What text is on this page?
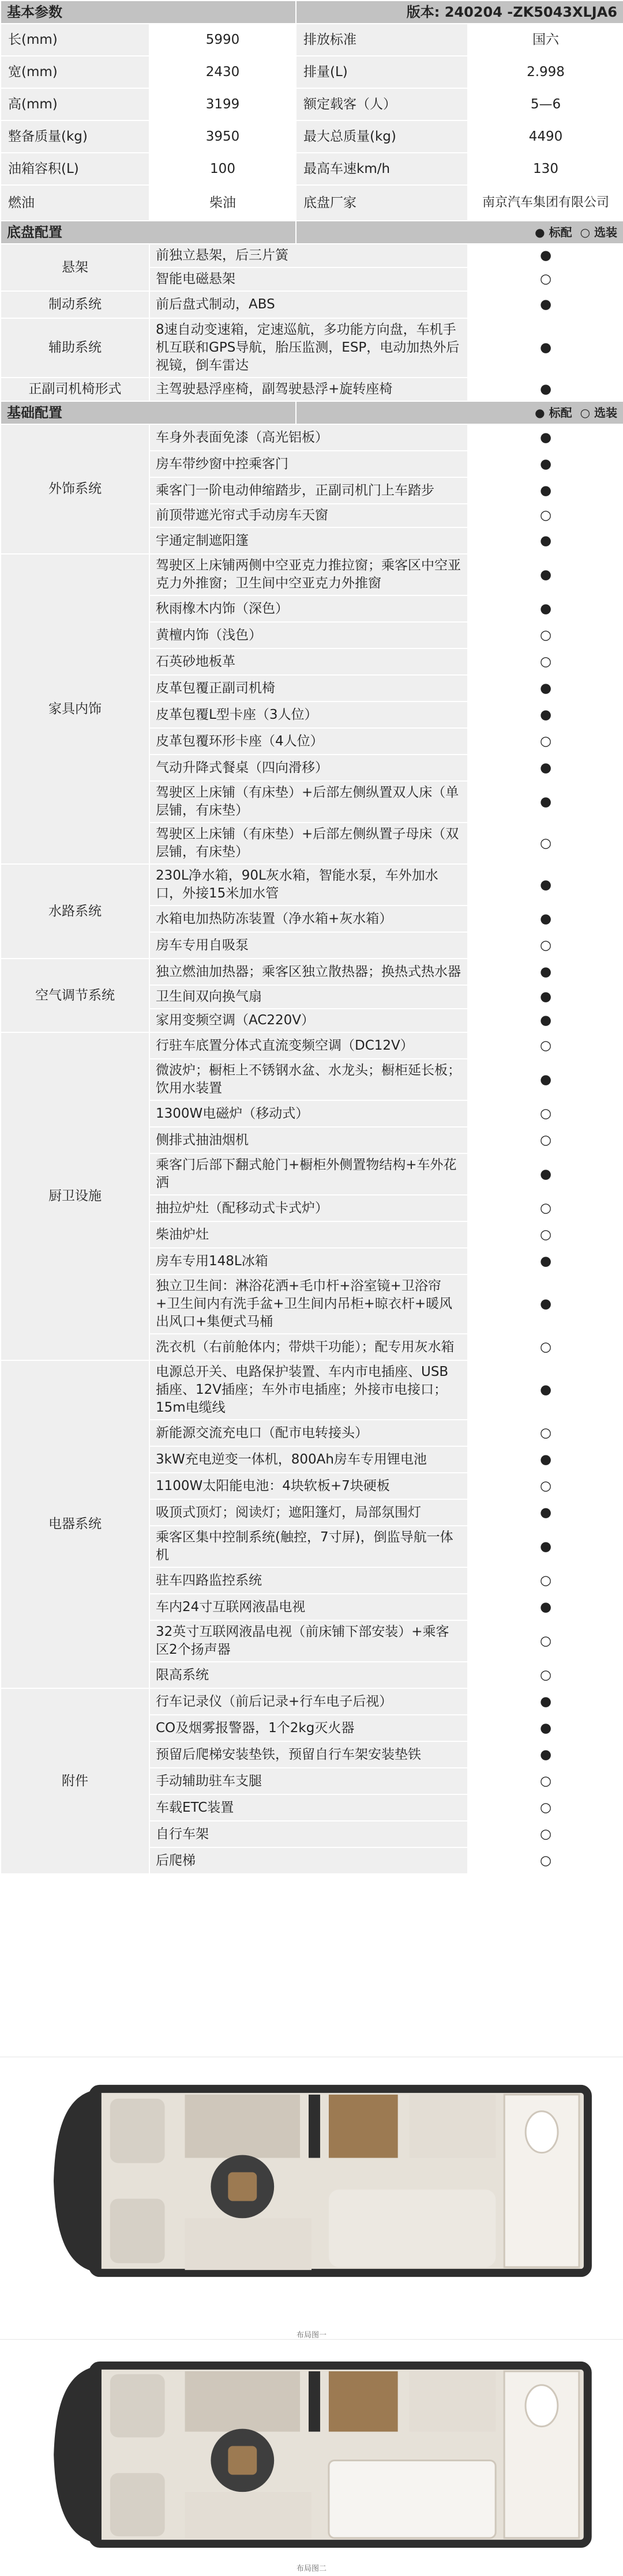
基本参数		版本: 240204 -ZK5043XLJA6	
长(mm)	5990	排放标准	国六
宽(mm)	2430	排量(L)	2.998
高(mm)	3199	额定载客（人）	5—6
整备质量(kg)	3950	最大总质量(kg)	4490
油箱容积(L)	100	最高车速km/h	130
燃油	柴油	底盘厂家	南京汽车集团有限公司
底盘配置		● 标配 ○ 选装	
悬架	前独立悬架，后三片簧		●
	智能电磁悬架		○
制动系统	前后盘式制动，ABS		●
辅助系统	8速自动变速箱，定速巡航，多功能方向盘，车机手机互联和GPS导航，胎压监测，ESP，电动加热外后视镜，倒车雷达		●
正副司机椅形式	主驾驶悬浮座椅，副驾驶悬浮+旋转座椅		●
基础配置		● 标配 ○ 选装	
外饰系统	车身外表面免漆（高光铝板）		●
	房车带纱窗中控乘客门		●
	乘客门一阶电动伸缩踏步，正副司机门上车踏步		●
	前顶带遮光帘式手动房车天窗		○
	宇通定制遮阳篷		●
家具内饰	驾驶区上床铺两侧中空亚克力推拉窗；乘客区中空亚克力外推窗；卫生间中空亚克力外推窗		●
	秋雨橡木内饰（深色）		●
	黄檀内饰（浅色）		○
	石英砂地板革		○
	皮革包覆正副司机椅		●
	皮革包覆L型卡座（3人位）		●
	皮革包覆环形卡座（4人位）		○
	气动升降式餐桌（四向滑移）		●
	驾驶区上床铺（有床垫）+后部左侧纵置双人床（单层铺，有床垫）		●
	驾驶区上床铺（有床垫）+后部左侧纵置子母床（双层铺，有床垫）		○
水路系统	230L净水箱，90L灰水箱，智能水泵，车外加水口，外接15米加水管		●
	水箱电加热防冻装置（净水箱+灰水箱）		●
	房车专用自吸泵		○
空气调节系统	独立燃油加热器；乘客区独立散热器；换热式热水器		●
	卫生间双向换气扇		●
	家用变频空调（AC220V）		●
厨卫设施	行驻车底置分体式直流变频空调（DC12V）		○
	微波炉；橱柜上不锈钢水盆、水龙头；橱柜延长板；饮用水装置		●
	1300W电磁炉（移动式）		○
	侧排式抽油烟机		○
	乘客门后部下翻式舱门+橱柜外侧置物结构+车外花洒		●
	抽拉炉灶（配移动式卡式炉）		○
	柴油炉灶		○
	房车专用148L冰箱		●
	独立卫生间：淋浴花洒+毛巾杆+浴室镜+卫浴帘+卫生间内有洗手盆+卫生间内吊柜+晾衣杆+暖风出风口+集便式马桶		●
	洗衣机（右前舱体内；带烘干功能）；配专用灰水箱		○
电器系统	电源总开关、电路保护装置、车内市电插座、USB插座、12V插座；车外市电插座；外接市电接口；15m电缆线		●
	新能源交流充电口（配市电转接头）		○
	3kW充电逆变一体机，800Ah房车专用锂电池		●
	1100W太阳能电池：4块软板+7块硬板		○
	吸顶式顶灯；阅读灯；遮阳篷灯，局部氛围灯		●
	乘客区集中控制系统(触控，7寸屏)，倒监导航一体机		●
	驻车四路监控系统		○
	车内24寸互联网液晶电视		●
	32英寸互联网液晶电视（前床铺下部安装）+乘客区2个扬声器		○
	限高系统		○
附件	行车记录仪（前后记录+行车电子后视）		●
	CO及烟雾报警器，1个2kg灭火器		●
	预留后爬梯安装垫铁，预留自行车架安装垫铁		●
	手动辅助驻车支腿		○
	车载ETC装置		○
	自行车架		○
	后爬梯		○
布局图一
布局图二
